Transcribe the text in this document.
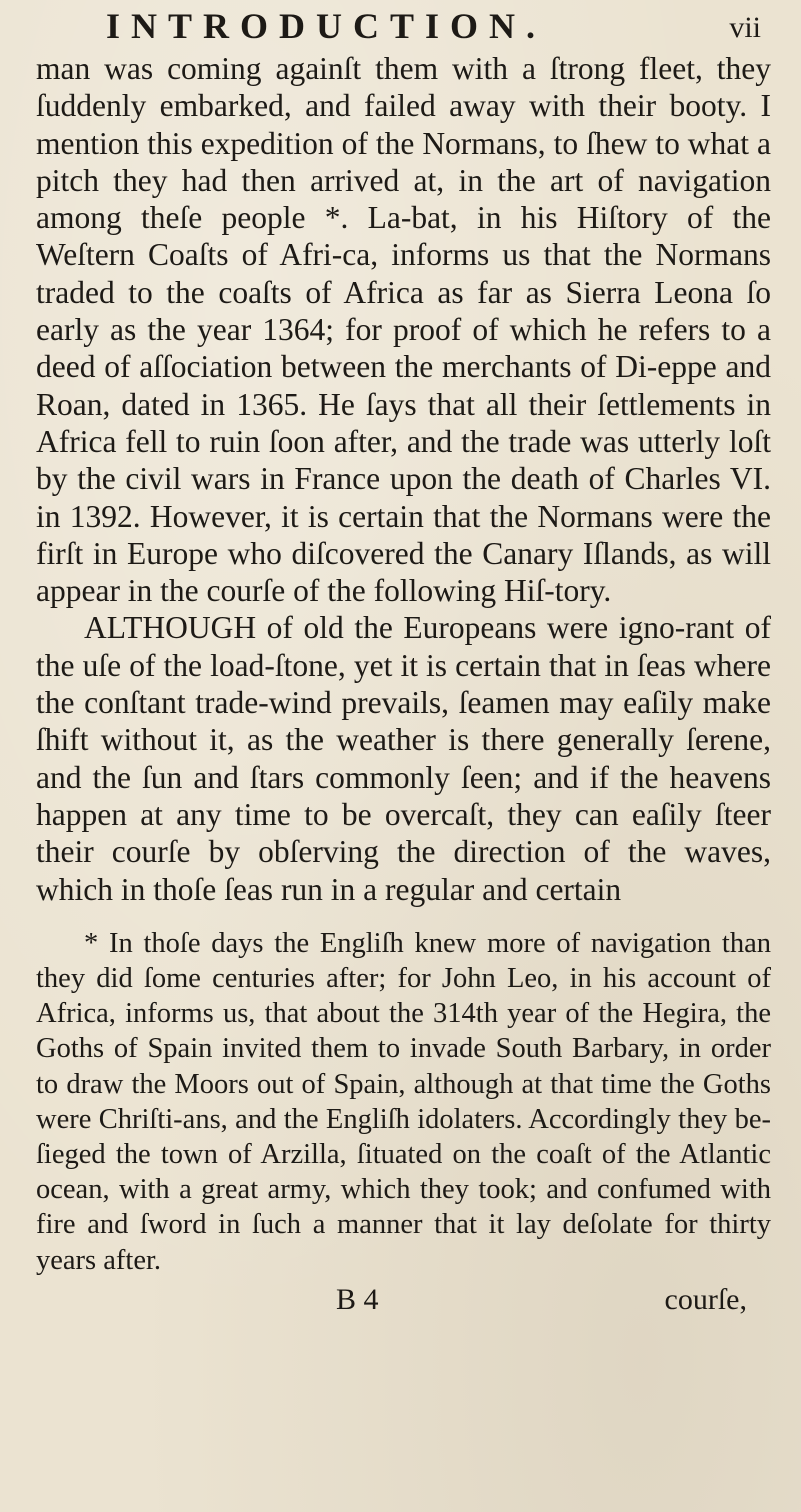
INTRODUCTION.	vii

man was coming againſt them with a ſtrong fleet, they ſuddenly embarked, and failed away with their booty. I mention this expedition of the Normans, to ſhew to what a pitch they had then arrived at, in the art of navigation among theſe people *. La-bat, in his Hiſtory of the Weſtern Coaſts of Afri-ca, informs us that the Normans traded to the coaſts of Africa as far as Sierra Leona ſo early as the year 1364; for proof of which he refers to a deed of aſſociation between the merchants of Di-eppe and Roan, dated in 1365. He ſays that all their ſettlements in Africa fell to ruin ſoon after, and the trade was utterly loſt by the civil wars in France upon the death of Charles VI. in 1392. However, it is certain that the Normans were the firſt in Europe who diſcovered the Canary Iſlands, as will appear in the courſe of the following Hiſ-tory.

ALTHOUGH of old the Europeans were igno-rant of the uſe of the load-ſtone, yet it is certain that in ſeas where the conſtant trade-wind prevails, ſeamen may eaſily make ſhift without it, as the weather is there generally ſerene, and the ſun and ſtars commonly ſeen; and if the heavens happen at any time to be overcaſt, they can eaſily ſteer their courſe by obſerving the direction of the waves, which in thoſe ſeas run in a regular and certain

* In thoſe days the Engliſh knew more of navigation than they did ſome centuries after; for John Leo, in his account of Africa, informs us, that about the 314th year of the Hegira, the Goths of Spain invited them to invade South Barbary, in order to draw the Moors out of Spain, although at that time the Goths were Chriſti-ans, and the Engliſh idolaters. Accordingly they be-ſieged the town of Arzilla, ſituated on the coaſt of the Atlantic ocean, with a great army, which they took; and confumed with fire and ſword in ſuch a manner that it lay deſolate for thirty years after.

B 4	courſe,
